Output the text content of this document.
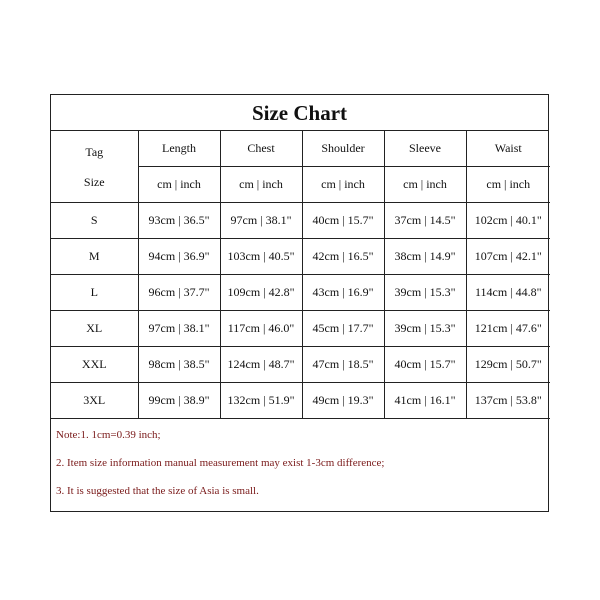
Size Chart
Tag
Size	Length	Chest	Shoulder	Sleeve	Waist
	cm | inch	cm | inch	cm | inch	cm | inch	cm | inch
S	93cm | 36.5"	97cm | 38.1"	40cm | 15.7"	37cm | 14.5"	102cm | 40.1"
M	94cm | 36.9"	103cm | 40.5"	42cm | 16.5"	38cm | 14.9"	107cm | 42.1"
L	96cm | 37.7"	109cm | 42.8"	43cm | 16.9"	39cm | 15.3"	114cm | 44.8"
XL	97cm | 38.1"	117cm | 46.0"	45cm | 17.7"	39cm | 15.3"	121cm | 47.6"
XXL	98cm | 38.5"	124cm | 48.7"	47cm | 18.5"	40cm | 15.7"	129cm | 50.7"
3XL	99cm | 38.9"	132cm | 51.9"	49cm | 19.3"	41cm | 16.1"	137cm | 53.8"
Note:1. 1cm=0.39 inch;
2. Item size information manual measurement may exist 1-3cm difference;
3. It is suggested that the size of Asia is small.
